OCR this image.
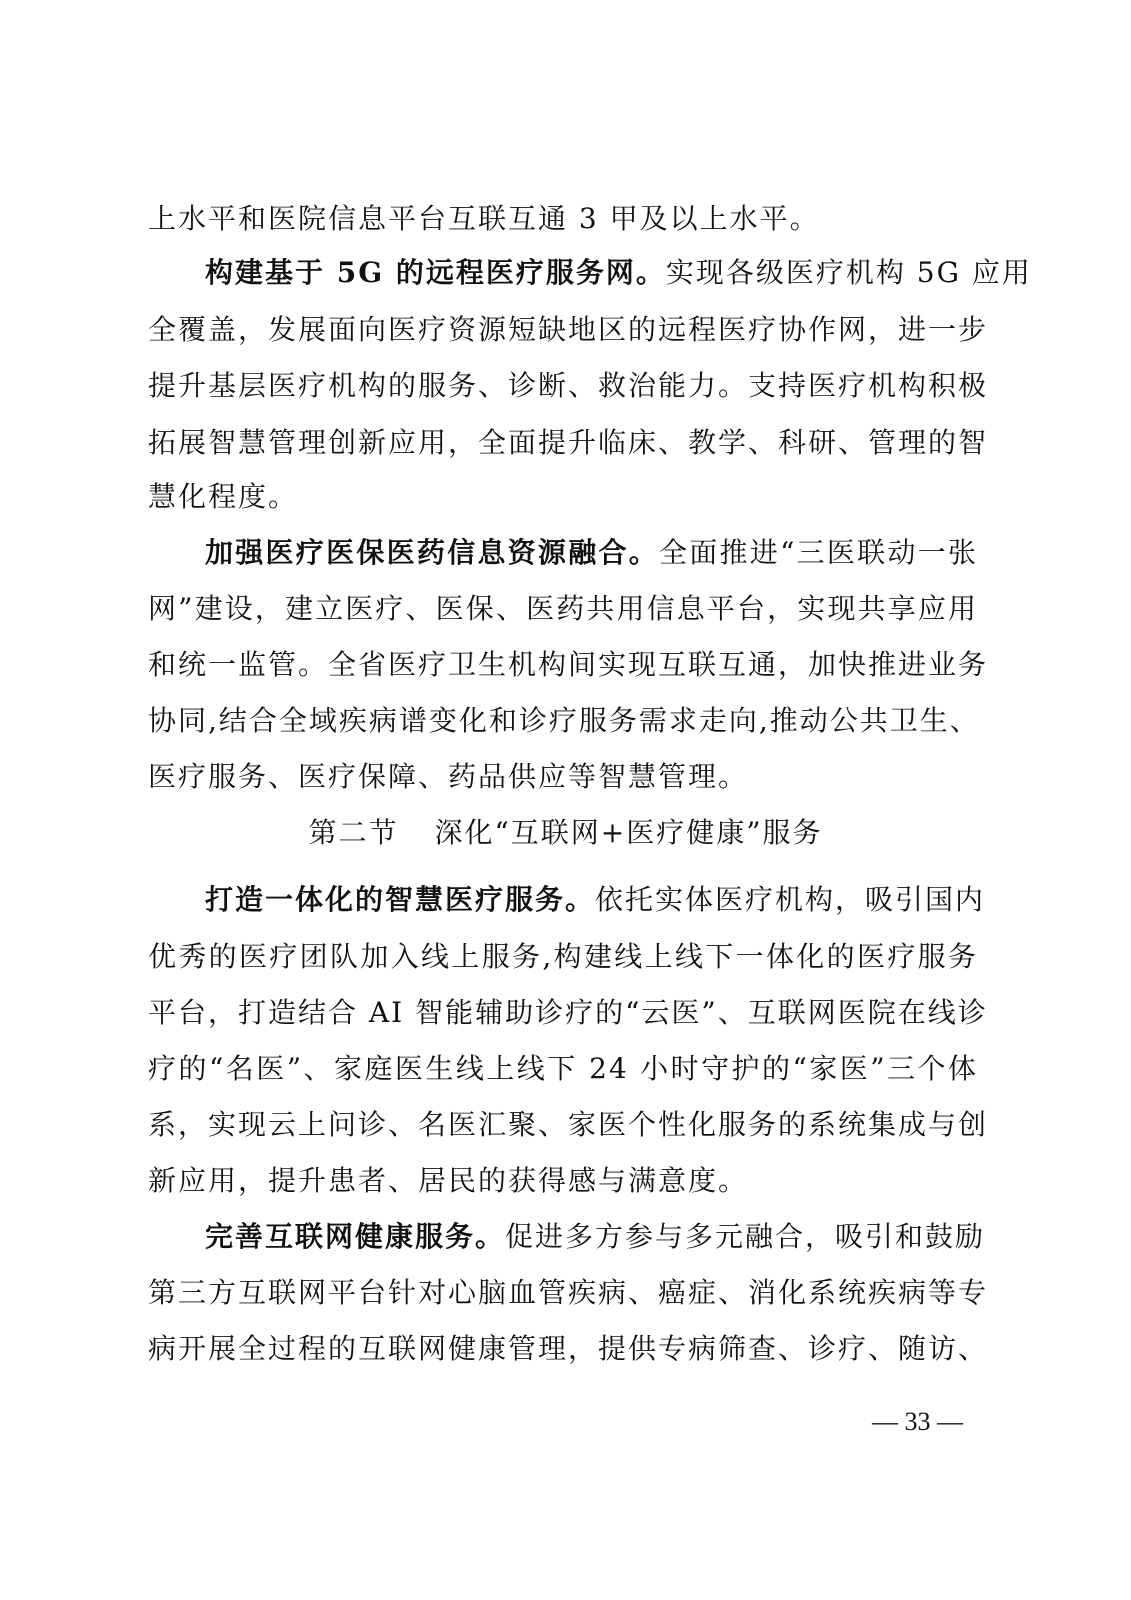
上水平和医院信息平台互联互通 3 甲及以上水平。
构建基于 5G 的远程医疗服务网。实现各级医疗机构 5G 应用
全覆盖，发展面向医疗资源短缺地区的远程医疗协作网，进一步
提升基层医疗机构的服务、诊断、救治能力。支持医疗机构积极
拓展智慧管理创新应用，全面提升临床、教学、科研、管理的智
慧化程度。
加强医疗医保医药信息资源融合。全面推进“三医联动一张
网”建设，建立医疗、医保、医药共用信息平台，实现共享应用
和统一监管。全省医疗卫生机构间实现互联互通，加快推进业务
协同,结合全域疾病谱变化和诊疗服务需求走向,推动公共卫生、
医疗服务、医疗保障、药品供应等智慧管理。
第二节 深化“互联网+医疗健康”服务
打造一体化的智慧医疗服务。依托实体医疗机构，吸引国内
优秀的医疗团队加入线上服务,构建线上线下一体化的医疗服务
平台，打造结合 AI 智能辅助诊疗的“云医”、互联网医院在线诊
疗的“名医”、家庭医生线上线下 24 小时守护的“家医”三个体
系，实现云上问诊、名医汇聚、家医个性化服务的系统集成与创
新应用，提升患者、居民的获得感与满意度。
完善互联网健康服务。促进多方参与多元融合，吸引和鼓励
第三方互联网平台针对心脑血管疾病、癌症、消化系统疾病等专
病开展全过程的互联网健康管理，提供专病筛查、诊疗、随访、
— 33 —
